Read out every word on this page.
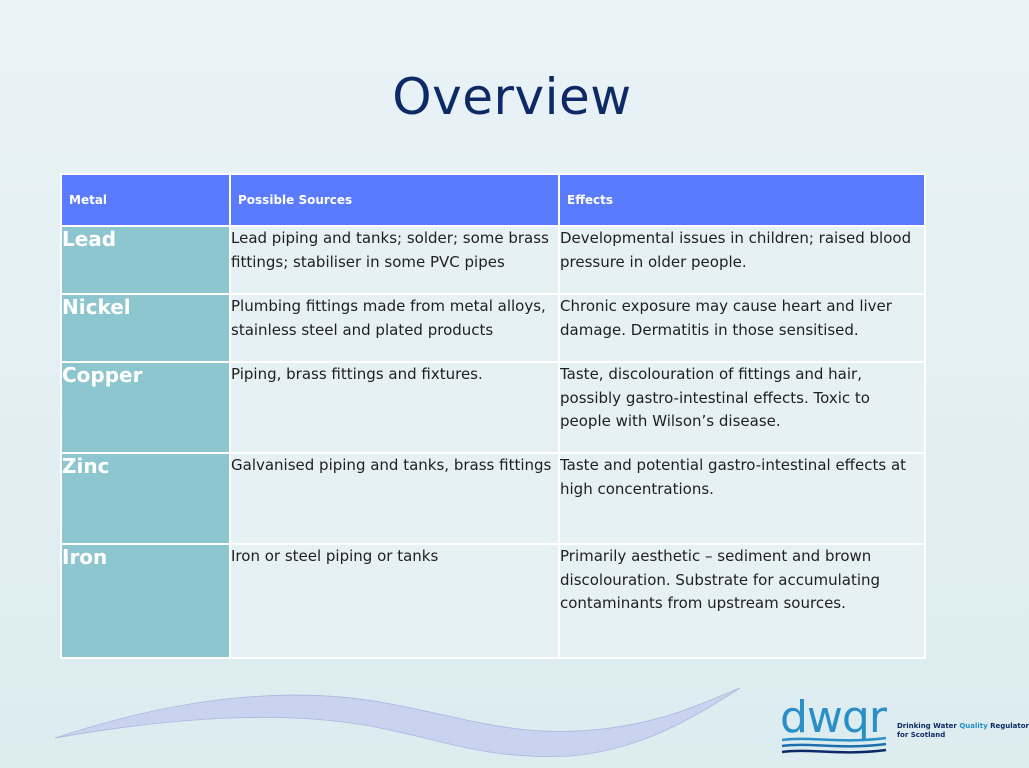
Overview
Metal	Possible Sources	Effects
Lead	Lead piping and tanks; solder; some brass fittings; stabiliser in some PVC pipes	Developmental issues in children; raised blood pressure in older people.
Nickel	Plumbing fittings made from metal alloys, stainless steel and plated products	Chronic exposure may cause heart and liver damage. Dermatitis in those sensitised.
Copper	Piping, brass fittings and fixtures.	Taste, discolouration of fittings and hair, possibly gastro-intestinal effects. Toxic to people with Wilson’s disease.
Zinc	Galvanised piping and tanks, brass fittings	Taste and potential gastro-intestinal effects at high concentrations.
Iron	Iron or steel piping or tanks	Primarily aesthetic – sediment and brown discolouration. Substrate for accumulating contaminants from upstream sources.
dwqr Drinking Water Quality Regulator
for Scotland
